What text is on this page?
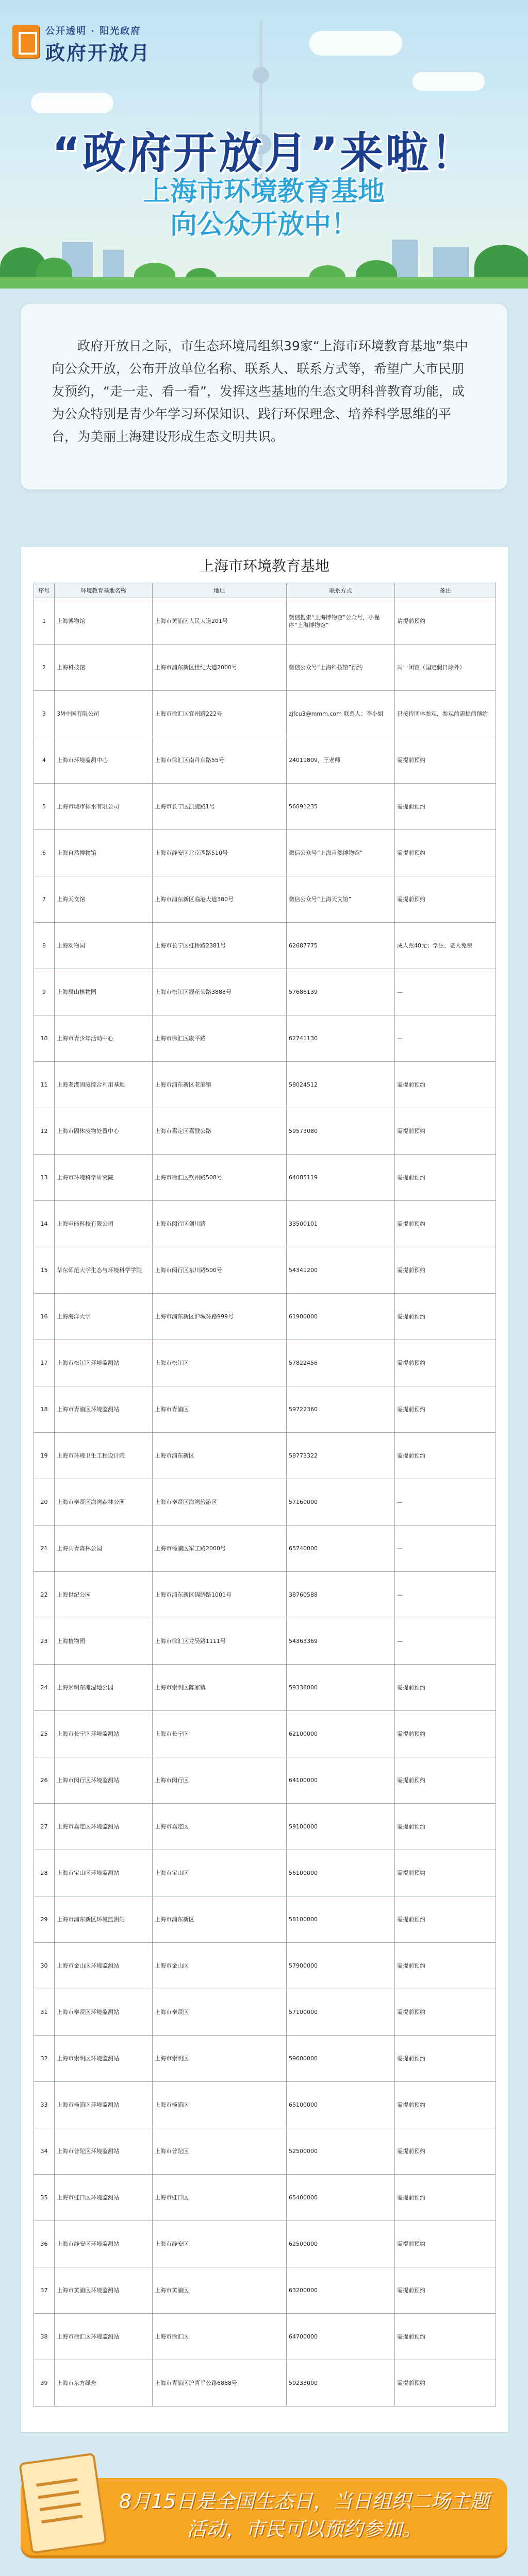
公开透明 · 阳光政府
政府开放月
“政府开放月”来啦！
上海市环境教育基地
向公众开放中！

政府开放日之际，市生态环境局组织39家“上海市环境教育基地”集中向公众开放，公布开放单位名称、联系人、联系方式等，希望广大市民朋友预约，“走一走、看一看”，发挥这些基地的生态文明科普教育功能，成为公众特别是青少年学习环保知识、践行环保理念、培养科学思维的平台，为美丽上海建设形成生态文明共识。

上海市环境教育基地
序号	环境教育基地名称	地址	联系方式	备注
1	上海博物馆	上海市黄浦区人民大道201号	微信搜索“上海博物馆”公众号，小程序“上海博物馆”	请提前预约
2	上海科技馆	上海市浦东新区世纪大道2000号	微信公众号“上海科技馆”预约	周一闭馆（国定假日除外）
3	3M中国有限公司	上海市徐汇区宜州路222号	zjfcu3@mmm.com 联系人：李小姐	只接待团体参观，参观前需提前预约
4	上海市环境监测中心	上海市徐汇区南丹东路55号	24011809，王老师	需提前预约
5	上海市城市排水有限公司	上海市长宁区凯旋路1号	56891235	需提前预约
6	上海自然博物馆	上海市静安区北京西路510号	微信公众号“上海自然博物馆”	需提前预约
7	上海天文馆	上海市浦东新区临港大道380号	微信公众号“上海天文馆”	需提前预约
8	上海动物园	上海市长宁区虹桥路2381号	62687775	成人票40元；学生、老人免费
9	上海辰山植物园	上海市松江区辰花公路3888号	57686139	—
10	上海市青少年活动中心	上海市徐汇区康平路	62741130	—
11	上海老港固废综合利用基地	上海市浦东新区老港镇	58024512	需提前预约
12	上海市固体废物处置中心	上海市嘉定区嘉戬公路	59573080	需提前预约
13	上海市环境科学研究院	上海市徐汇区钦州路508号	64085119	需提前预约
14	上海申能科技有限公司	上海市闵行区剑川路	33500101	需提前预约
15	华东师范大学生态与环境科学学院	上海市闵行区东川路500号	54341200	需提前预约
16	上海海洋大学	上海市浦东新区沪城环路999号	61900000	需提前预约
17	上海市松江区环境监测站	上海市松江区	57822456	需提前预约
18	上海市青浦区环境监测站	上海市青浦区	59722360	需提前预约
19	上海市环境卫生工程设计院	上海市浦东新区	58773322	需提前预约
20	上海市奉贤区海湾森林公园	上海市奉贤区海湾旅游区	57160000	—
21	上海共青森林公园	上海市杨浦区军工路2000号	65740000	—
22	上海世纪公园	上海市浦东新区锦绣路1001号	38760588	—
23	上海植物园	上海市徐汇区龙吴路1111号	54363369	—
24	上海崇明东滩湿地公园	上海市崇明区陈家镇	59336000	需提前预约
25	上海市长宁区环境监测站	上海市长宁区	62100000	需提前预约
26	上海市闵行区环境监测站	上海市闵行区	64100000	需提前预约
27	上海市嘉定区环境监测站	上海市嘉定区	59100000	需提前预约
28	上海市宝山区环境监测站	上海市宝山区	56100000	需提前预约
29	上海市浦东新区环境监测站	上海市浦东新区	58100000	需提前预约
30	上海市金山区环境监测站	上海市金山区	57900000	需提前预约
31	上海市奉贤区环境监测站	上海市奉贤区	57100000	需提前预约
32	上海市崇明区环境监测站	上海市崇明区	59600000	需提前预约
33	上海市杨浦区环境监测站	上海市杨浦区	65100000	需提前预约
34	上海市普陀区环境监测站	上海市普陀区	52500000	需提前预约
35	上海市虹口区环境监测站	上海市虹口区	65400000	需提前预约
36	上海市静安区环境监测站	上海市静安区	62500000	需提前预约
37	上海市黄浦区环境监测站	上海市黄浦区	63200000	需提前预约
38	上海市徐汇区环境监测站	上海市徐汇区	64700000	需提前预约
39	上海市东方绿舟	上海市青浦区沪青平公路6888号	59233000	需提前预约
8月15日是全国生态日，当日组织二场主题活动，市民可以预约参加。
